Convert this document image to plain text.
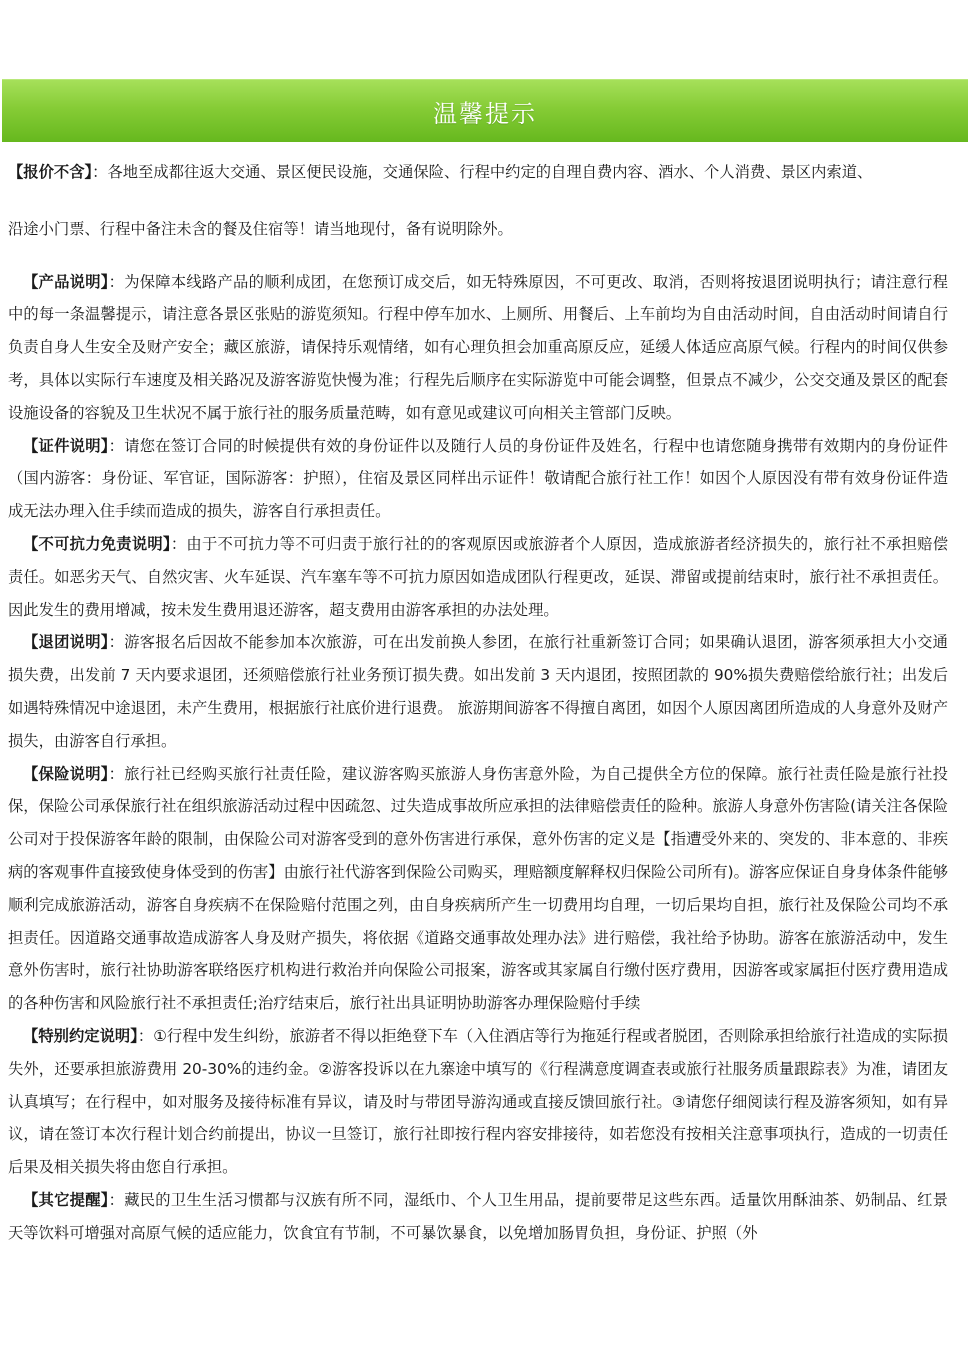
温馨提示

【报价不含】：各地至成都往返大交通、景区便民设施，交通保险、行程中约定的自理自费内容、酒水、个人消费、景区内索道、

沿途小门票、行程中备注未含的餐及住宿等！请当地现付，备有说明除外。

【产品说明】：为保障本线路产品的顺利成团，在您预订成交后，如无特殊原因，不可更改、取消，否则将按退团说明执行；请注意行程中的每一条温馨提示，请注意各景区张贴的游览须知。行程中停车加水、上厕所、用餐后、上车前均为自由活动时间，自由活动时间请自行负责自身人生安全及财产安全；藏区旅游，请保持乐观情绪，如有心理负担会加重高原反应，延缓人体适应高原气候。行程内的时间仅供参考，具体以实际行车速度及相关路况及游客游览快慢为准；行程先后顺序在实际游览中可能会调整，但景点不减少，公交交通及景区的配套设施设备的容貌及卫生状况不属于旅行社的服务质量范畴，如有意见或建议可向相关主管部门反映。

【证件说明】：请您在签订合同的时候提供有效的身份证件以及随行人员的身份证件及姓名，行程中也请您随身携带有效期内的身份证件（国内游客：身份证、军官证，国际游客：护照），住宿及景区同样出示证件！敬请配合旅行社工作！如因个人原因没有带有效身份证件造成无法办理入住手续而造成的损失，游客自行承担责任。

【不可抗力免责说明】：由于不可抗力等不可归责于旅行社的的客观原因或旅游者个人原因，造成旅游者经济损失的，旅行社不承担赔偿责任。如恶劣天气、自然灾害、火车延误、汽车塞车等不可抗力原因如造成团队行程更改，延误、滞留或提前结束时，旅行社不承担责任。因此发生的费用增减，按未发生费用退还游客，超支费用由游客承担的办法处理。

【退团说明】：游客报名后因故不能参加本次旅游，可在出发前换人参团，在旅行社重新签订合同；如果确认退团，游客须承担大小交通损失费，出发前 7 天内要求退团，还须赔偿旅行社业务预订损失费。如出发前 3 天内退团，按照团款的 90%损失费赔偿给旅行社；出发后如遇特殊情况中途退团，未产生费用，根据旅行社底价进行退费。 旅游期间游客不得擅自离团，如因个人原因离团所造成的人身意外及财产损失，由游客自行承担。

【保险说明】：旅行社已经购买旅行社责任险，建议游客购买旅游人身伤害意外险，为自己提供全方位的保障。旅行社责任险是旅行社投保，保险公司承保旅行社在组织旅游活动过程中因疏忽、过失造成事故所应承担的法律赔偿责任的险种。旅游人身意外伤害险(请关注各保险公司对于投保游客年龄的限制，由保险公司对游客受到的意外伤害进行承保，意外伤害的定义是【指遭受外来的、突发的、非本意的、非疾病的客观事件直接致使身体受到的伤害】由旅行社代游客到保险公司购买，理赔额度解释权归保险公司所有)。游客应保证自身身体条件能够顺利完成旅游活动，游客自身疾病不在保险赔付范围之列，由自身疾病所产生一切费用均自理，一切后果均自担，旅行社及保险公司均不承担责任。因道路交通事故造成游客人身及财产损失，将依据《道路交通事故处理办法》进行赔偿，我社给予协助。游客在旅游活动中，发生意外伤害时，旅行社协助游客联络医疗机构进行救治并向保险公司报案，游客或其家属自行缴付医疗费用，因游客或家属拒付医疗费用造成的各种伤害和风险旅行社不承担责任;治疗结束后，旅行社出具证明协助游客办理保险赔付手续

【特别约定说明】：①行程中发生纠纷，旅游者不得以拒绝登下车（入住酒店等行为拖延行程或者脱团，否则除承担给旅行社造成的实际损失外，还要承担旅游费用 20-30%的违约金。②游客投诉以在九寨途中填写的《行程满意度调查表或旅行社服务质量跟踪表》为准，请团友认真填写；在行程中，如对服务及接待标准有异议，请及时与带团导游沟通或直接反馈回旅行社。③请您仔细阅读行程及游客须知，如有异议，请在签订本次行程计划合约前提出，协议一旦签订，旅行社即按行程内容安排接待，如若您没有按相关注意事项执行，造成的一切责任后果及相关损失将由您自行承担。

【其它提醒】：藏民的卫生生活习惯都与汉族有所不同，湿纸巾、个人卫生用品，提前要带足这些东西。适量饮用酥油茶、奶制品、红景天等饮料可增强对高原气候的适应能力，饮食宜有节制，不可暴饮暴食，以免增加肠胃负担，身份证、护照（外
